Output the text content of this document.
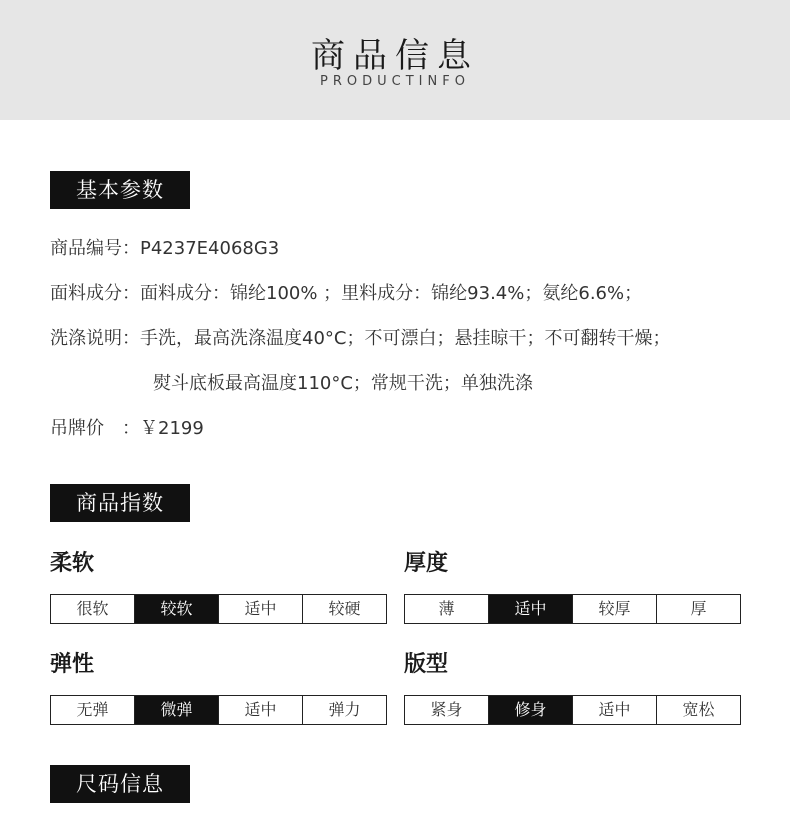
商品信息
PRODUCTINFO
基本参数
商品编号：P4237E4068G3
面料成分：面料成分：锦纶100% ；里料成分：锦纶93.4%；氨纶6.6%；
洗涤说明：手洗，最高洗涤温度40°C；不可漂白；悬挂晾干；不可翻转干燥；
熨斗底板最高温度110°C；常规干洗；单独洗涤
吊牌价　：￥2199
商品指数
柔软
很软	较软	适中	较硬
厚度
薄	适中	较厚	厚
弹性
无弹	微弹	适中	弹力
版型
紧身	修身	适中	宽松
尺码信息
